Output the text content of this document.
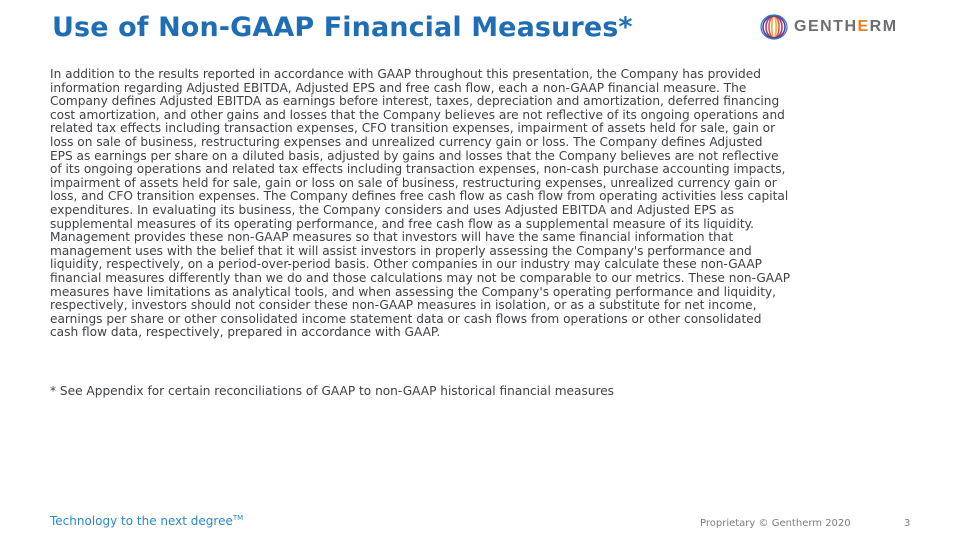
Use of Non-GAAP Financial Measures*	GENTHERM
In addition to the results reported in accordance with GAAP throughout this presentation, the Company has provided
information regarding Adjusted EBITDA, Adjusted EPS and free cash flow, each a non-GAAP financial measure. The
Company defines Adjusted EBITDA as earnings before interest, taxes, depreciation and amortization, deferred financing
cost amortization, and other gains and losses that the Company believes are not reflective of its ongoing operations and
related tax effects including transaction expenses, CFO transition expenses, impairment of assets held for sale, gain or
loss on sale of business, restructuring expenses and unrealized currency gain or loss. The Company defines Adjusted
EPS as earnings per share on a diluted basis, adjusted by gains and losses that the Company believes are not reflective
of its ongoing operations and related tax effects including transaction expenses, non-cash purchase accounting impacts,
impairment of assets held for sale, gain or loss on sale of business, restructuring expenses, unrealized currency gain or
loss, and CFO transition expenses. The Company defines free cash flow as cash flow from operating activities less capital
expenditures. In evaluating its business, the Company considers and uses Adjusted EBITDA and Adjusted EPS as
supplemental measures of its operating performance, and free cash flow as a supplemental measure of its liquidity.
Management provides these non-GAAP measures so that investors will have the same financial information that
management uses with the belief that it will assist investors in properly assessing the Company's performance and
liquidity, respectively, on a period-over-period basis. Other companies in our industry may calculate these non-GAAP
financial measures differently than we do and those calculations may not be comparable to our metrics. These non-GAAP
measures have limitations as analytical tools, and when assessing the Company's operating performance and liquidity,
respectively, investors should not consider these non-GAAP measures in isolation, or as a substitute for net income,
earnings per share or other consolidated income statement data or cash flows from operations or other consolidated
cash flow data, respectively, prepared in accordance with GAAP.

* See Appendix for certain reconciliations of GAAP to non-GAAP historical financial measures

Technology to the next degree™	Proprietary © Gentherm 2020	3
